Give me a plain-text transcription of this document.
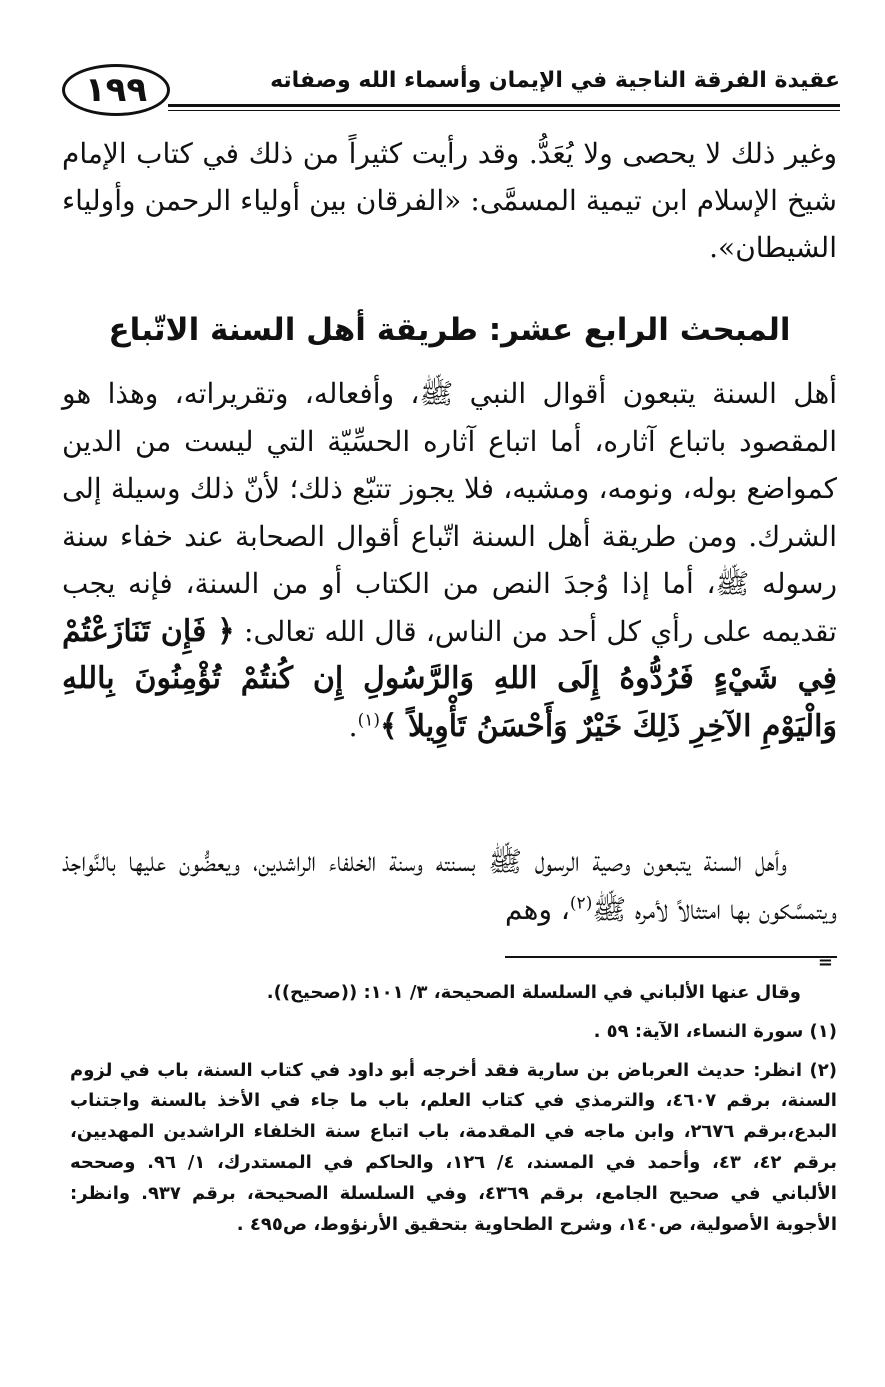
١٩٩	عقيدة الفرقة الناجية في الإيمان وأسماء الله وصفاته

وغير ذلك لا يحصى ولا يُعَدُّ. وقد رأيت كثيراً من ذلك في كتاب الإمام شيخ الإسلام ابن تيمية المسمَّى: «الفرقان بين أولياء الرحمن وأولياء الشيطان».

المبحث الرابع عشر: طريقة أهل السنة الاتّباع

أهل السنة يتبعون أقوال النبي ﷺ، وأفعاله، وتقريراته، وهذا هو المقصود باتباع آثاره، أما اتباع آثاره الحسِّيّة التي ليست من الدين كمواضع بوله، ونومه، ومشيه، فلا يجوز تتبّع ذلك؛ لأنّ ذلك وسيلة إلى الشرك. ومن طريقة أهل السنة اتّباع أقوال الصحابة عند خفاء سنة رسوله ﷺ، أما إذا وُجدَ النص من الكتاب أو من السنة، فإنه يجب تقديمه على رأي كل أحد من الناس، قال الله تعالى: ﴿ فَإِن تَنَازَعْتُمْ فِي شَيْءٍ فَرُدُّوهُ إِلَى اللهِ وَالرَّسُولِ إِن كُنتُمْ تُؤْمِنُونَ بِاللهِ وَالْيَوْمِ الآخِرِ ذَلِكَ خَيْرٌ وَأَحْسَنُ تَأْوِيلاً ﴾$^{(١)}$.

وأهل السنة يتبعون وصية الرسول ﷺ بسنته وسنة الخلفاء الراشدين، ويعضُّون عليها بالنَّواجذ ويتمسَّكون بها امتثالاً لأمره ﷺ$^{(٢)}$، وهم

=

وقال عنها الألباني في السلسلة الصحيحة، ٣/ ١٠١: ((صحيح)).

(١) سورة النساء، الآية: ٥٩ .

(٢) انظر: حديث العرباض بن سارية فقد أخرجه أبو داود في كتاب السنة، باب في لزوم السنة، برقم ٤٦٠٧، والترمذي في كتاب العلم، باب ما جاء في الأخذ بالسنة واجتناب البدع،برقم ٢٦٧٦، وابن ماجه في المقدمة، باب اتباع سنة الخلفاء الراشدين المهديين، برقم ٤٢، ٤٣، وأحمد في المسند، ٤/ ١٢٦، والحاكم في المستدرك، ١/ ٩٦. وصححه الألباني في صحيح الجامع، برقم ٤٣٦٩، وفي السلسلة الصحيحة، برقم ٩٣٧. وانظر: الأجوبة الأصولية، ص١٤٠، وشرح الطحاوية بتحقيق الأرنؤوط، ص٤٩٥ .
